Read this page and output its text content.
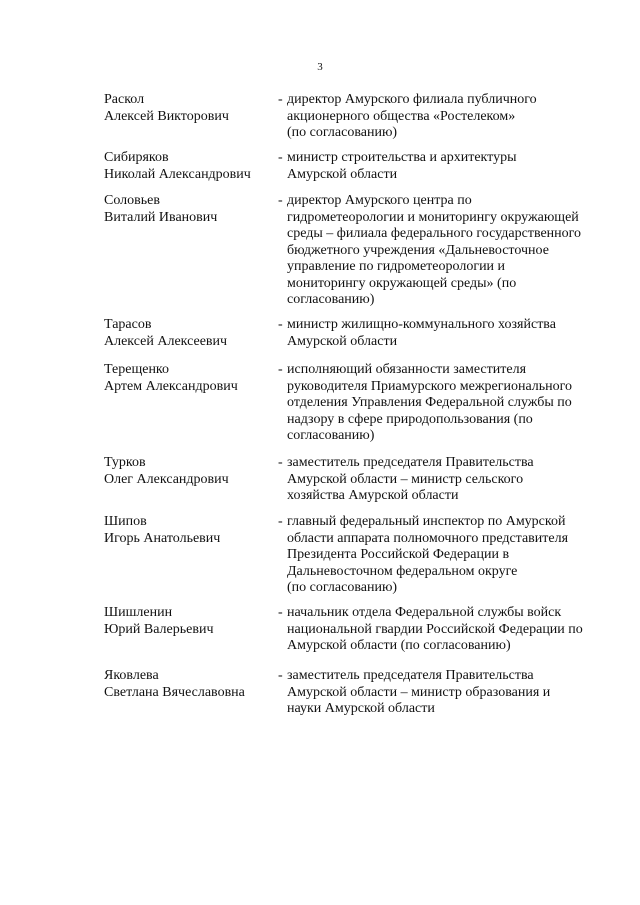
3
Раскол
Алексей Викторович
- директор Амурского филиала публичного
акционерного общества «Ростелеком»
(по согласованию)
Сибиряков
Николай Александрович
- министр строительства и архитектуры
Амурской области
Соловьев
Виталий Иванович
- директор Амурского центра по
гидрометеорологии и мониторингу окружающей
среды – филиала федерального государственного
бюджетного учреждения «Дальневосточное
управление по гидрометеорологии и
мониторингу окружающей среды» (по
согласованию)
Тарасов
Алексей Алексеевич
- министр жилищно-коммунального хозяйства
Амурской области
Терещенко
Артем Александрович
- исполняющий обязанности заместителя
руководителя Приамурского межрегионального
отделения Управления Федеральной службы по
надзору в сфере природопользования (по
согласованию)
Турков
Олег Александрович
- заместитель председателя Правительства
Амурской области – министр сельского
хозяйства Амурской области
Шипов
Игорь Анатольевич
- главный федеральный инспектор по Амурской
области аппарата полномочного представителя
Президента Российской Федерации в
Дальневосточном федеральном округе
(по согласованию)
Шишленин
Юрий Валерьевич
- начальник отдела Федеральной службы войск
национальной гвардии Российской Федерации по
Амурской области (по согласованию)
Яковлева
Светлана Вячеславовна
- заместитель председателя Правительства
Амурской области – министр образования и
науки Амурской области
